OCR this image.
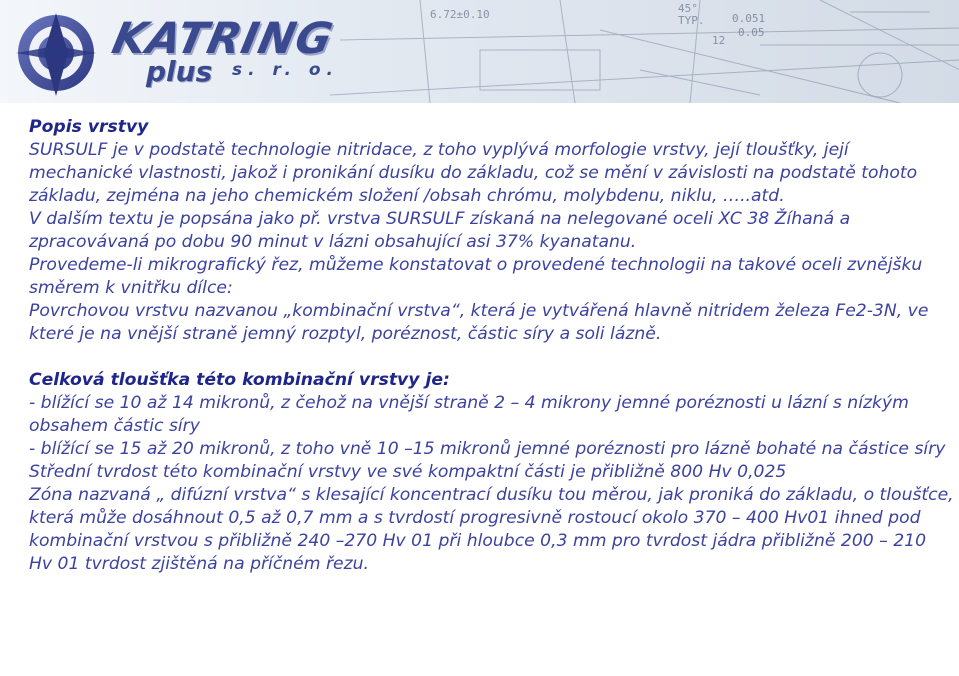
6.72±0.10	45°
TYP.	0.051
0.05
12
KATRING
plus s. r. o.

Popis vrstvy

SURSULF je v podstatě technologie nitridace, z toho vyplývá morfologie vrstvy, její tloušťky, její mechanické vlastnosti, jakož i pronikání dusíku do základu, což se mění v závislosti na podstatě tohoto základu, zejména na jeho chemickém složení /obsah chrómu, molybdenu, niklu, …..atd.

V dalším textu je popsána jako př. vrstva SURSULF získaná na nelegované oceli XC 38 Žíhaná a zpracovávaná po dobu 90 minut v lázni obsahující asi 37% kyanatanu.

Provedeme-li mikrografický řez, můžeme konstatovat o provedené technologii na takové oceli zvnějšku směrem k vnitřku dílce:

Povrchovou vrstvu nazvanou „kombinační vrstva“, která je vytvářená hlavně nitridem železa Fe2-3N, ve které je na vnější straně jemný rozptyl, poréznost, částic síry a soli lázně.

Celková tloušťka této kombinační vrstvy je:

- blížící se 10 až 14 mikronů, z čehož na vnější straně 2 – 4 mikrony jemné poréznosti u lázní s nízkým obsahem částic síry

- blížící se 15 až 20 mikronů, z toho vně 10 –15 mikronů jemné poréznosti pro lázně bohaté na částice síry

Střední tvrdost této kombinační vrstvy ve své kompaktní části je přibližně 800 Hv 0,025

Zóna nazvaná „ difúzní vrstva“ s klesající koncentrací dusíku tou měrou, jak proniká do základu, o tloušťce, která může dosáhnout 0,5 až 0,7 mm a s tvrdostí progresivně rostoucí okolo 370 – 400 Hv01 ihned pod kombinační vrstvou s přibližně 240 –270 Hv 01 při hloubce 0,3 mm pro tvrdost jádra přibližně 200 – 210 Hv 01 tvrdost zjištěná na příčném řezu.
